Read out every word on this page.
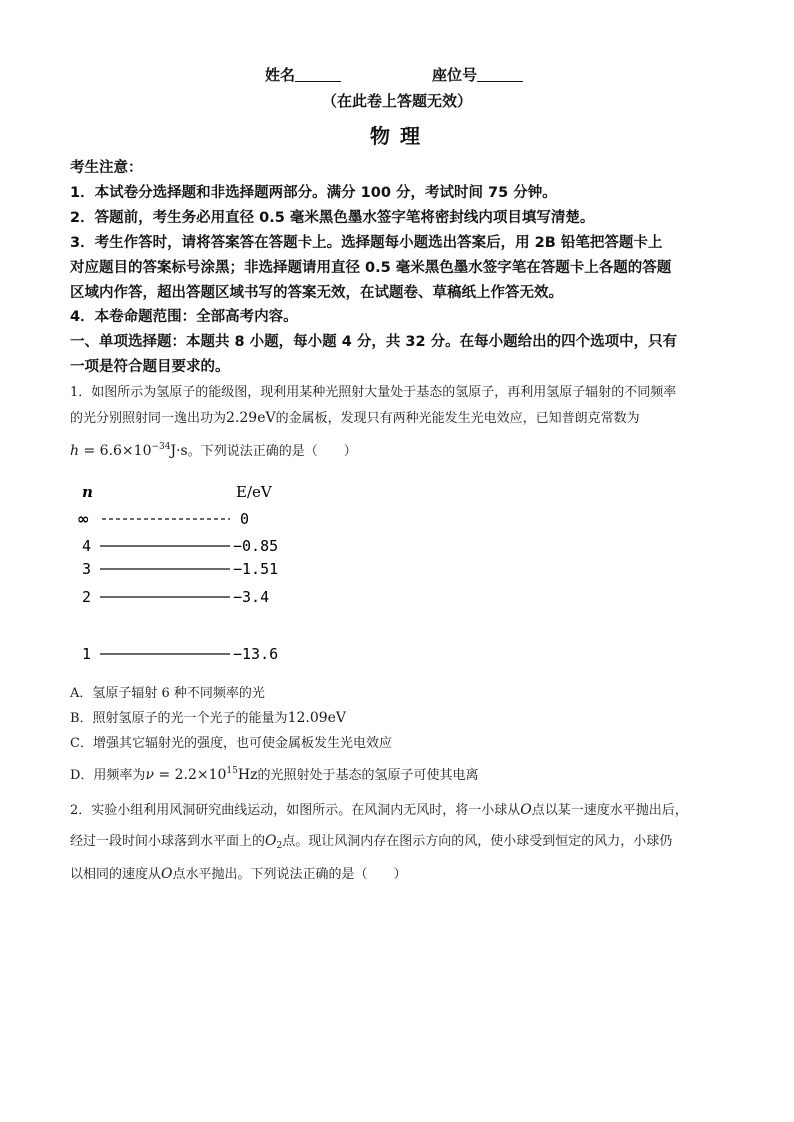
姓名	座位号
（在此卷上答题无效）
物理
考生注意：
1．本试卷分选择题和非选择题两部分。满分 100 分，考试时间 75 分钟。
2．答题前，考生务必用直径 0.5 毫米黑色墨水签字笔将密封线内项目填写清楚。
3．考生作答时，请将答案答在答题卡上。选择题每小题选出答案后，用 2B 铅笔把答题卡上
对应题目的答案标号涂黑；非选择题请用直径 0.5 毫米黑色墨水签字笔在答题卡上各题的答题
区域内作答，超出答题区域书写的答案无效，在试题卷、草稿纸上作答无效。
4．本卷命题范围：全部高考内容。
一、单项选择题：本题共 8 小题，每小题 4 分，共 32 分。在每小题给出的四个选项中，只有
一项是符合题目要求的。
1．如图所示为氢原子的能级图，现利用某种光照射大量处于基态的氢原子，再利用氢原子辐射的不同频率
的光分别照射同一逸出功为2.29eV的金属板，发现只有两种光能发生光电效应，已知普朗克常数为
$h = 6.6\times 10^{-34}J\cdot s$。下列说法正确的是（　　）
n	E/eV
∞	0
4	−0.85
3	−1.51
2	−3.4
1	−13.6
A．氢原子辐射 6 种不同频率的光
B．照射氢原子的光一个光子的能量为12.09eV
C．增强其它辐射光的强度，也可使金属板发生光电效应
D．用频率为$\nu = 2.2\times 10^{15}Hz$的光照射处于基态的氢原子可使其电离
2．实验小组利用风洞研究曲线运动，如图所示。在风洞内无风时，将一小球从O点以某一速度水平抛出后，
经过一段时间小球落到水平面上的$O_2$点。现让风洞内存在图示方向的风，使小球受到恒定的风力，小球仍
以相同的速度从O点水平抛出。下列说法正确的是（　　）
